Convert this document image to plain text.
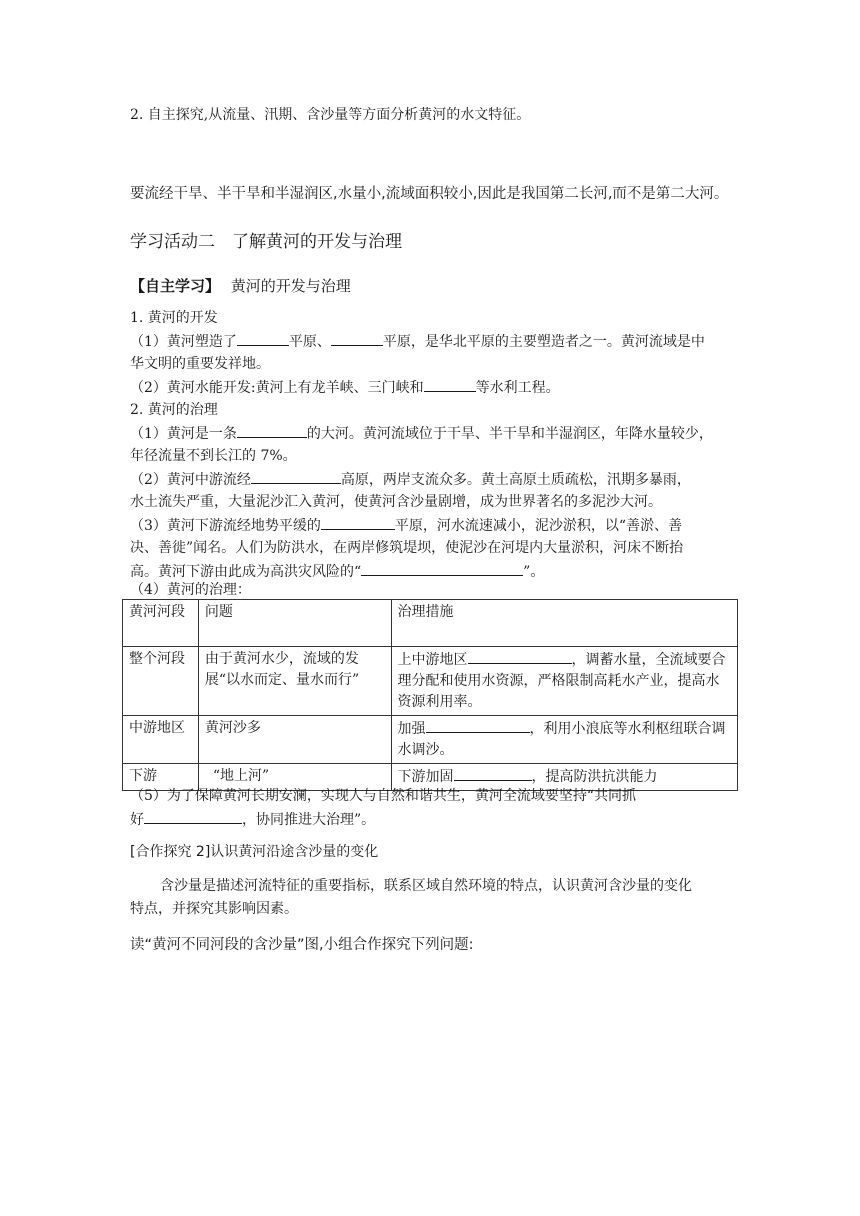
2. 自主探究,从流量、汛期、含沙量等方面分析黄河的水文特征。
要流经干旱、半干旱和半湿润区,水量小,流域面积较小,因此是我国第二长河,而不是第二大河。
学习活动二　了解黄河的开发与治理
【自主学习】 黄河的开发与治理
1. 黄河的开发
（1）黄河塑造了	平原、	平原，是华北平原的主要塑造者之一。黄河流域是中
华文明的重要发祥地。
（2）黄河水能开发:黄河上有龙羊峡、三门峡和	等水利工程。
2. 黄河的治理
（1）黄河是一条	的大河。黄河流域位于干旱、半干旱和半湿润区，年降水量较少，
年径流量不到长江的 7%。
（2）黄河中游流经	高原，两岸支流众多。黄土高原土质疏松，汛期多暴雨，
水土流失严重，大量泥沙汇入黄河，使黄河含沙量剧增，成为世界著名的多泥沙大河。
（3）黄河下游流经地势平缓的	平原，河水流速减小，泥沙淤积，以“善淤、善
决、善徙”闻名。人们为防洪水，在两岸修筑堤坝，使泥沙在河堤内大量淤积，河床不断抬
高。黄河下游由此成为高洪灾风险的“	”。
（4）黄河的治理：
黄河河段	问题	治理措施
整个河段	由于黄河水少，流域的发展“以水而定、量水而行”	上中游地区 ，调蓄水量，全流域要合理分配和使用水资源，严格限制高耗水产业，提高水资源利用率。
中游地区	黄河沙多	加强 ，利用小浪底等水利枢纽联合调水调沙。
下游	“地上河”	下游加固 ，提高防洪抗洪能力
（5）为了保障黄河长期安澜，实现人与自然和谐共生，黄河全流域要坚持“共同抓
好	，协同推进大治理”。
[合作探究 2]认识黄河沿途含沙量的变化
含沙量是描述河流特征的重要指标，联系区域自然环境的特点，认识黄河含沙量的变化
特点，并探究其影响因素。
读“黄河不同河段的含沙量”图,小组合作探究下列问题:
